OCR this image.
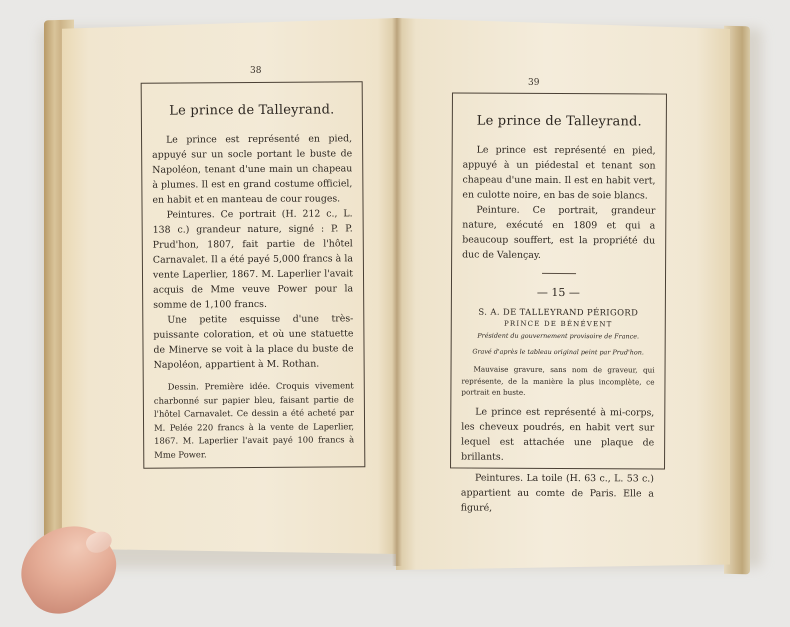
38
39
Le prince de Talleyrand.

Le prince est représenté en pied, appuyé sur un socle portant le buste de Napoléon, tenant d'une main un chapeau à plumes. Il est en grand costume officiel, en habit et en manteau de cour rouges.

Peintures. Ce portrait (H. 212 c., L. 138 c.) grandeur nature, signé : P. P. Prud'hon, 1807, fait partie de l'hôtel Carnavalet. Il a été payé 5,000 francs à la vente Laperlier, 1867. M. Laperlier l'avait acquis de Mme veuve Power pour la somme de 1,100 francs.

Une petite esquisse d'une très-puissante coloration, et où une statuette de Minerve se voit à la place du buste de Napoléon, appartient à M. Rothan.

Dessin. Première idée. Croquis vivement charbonné sur papier bleu, faisant partie de l'hôtel Carnavalet. Ce dessin a été acheté par M. Pelée 220 francs à la vente de Laperlier, 1867. M. Laperlier l'avait payé 100 francs à Mme Power.

Le prince de Talleyrand.

Le prince est représenté en pied, appuyé à un piédestal et tenant son chapeau d'une main. Il est en habit vert, en culotte noire, en bas de soie blancs.

Peinture. Ce portrait, grandeur nature, exécuté en 1809 et qui a beaucoup souffert, est la propriété du duc de Valençay.

— 15 —

S. A. DE TALLEYRAND PÉRIGORD

PRINCE DE BÉNÉVENT

Président du gouvernement provisoire de France.

Gravé d'après le tableau original peint par Prud'hon.

Mauvaise gravure, sans nom de graveur, qui représente, de la manière la plus incomplète, ce portrait en buste.

Le prince est représenté à mi-corps, les cheveux poudrés, en habit vert sur lequel est attachée une plaque de brillants.

Peintures. La toile (H. 63 c., L. 53 c.) appartient au comte de Paris. Elle a figuré,
